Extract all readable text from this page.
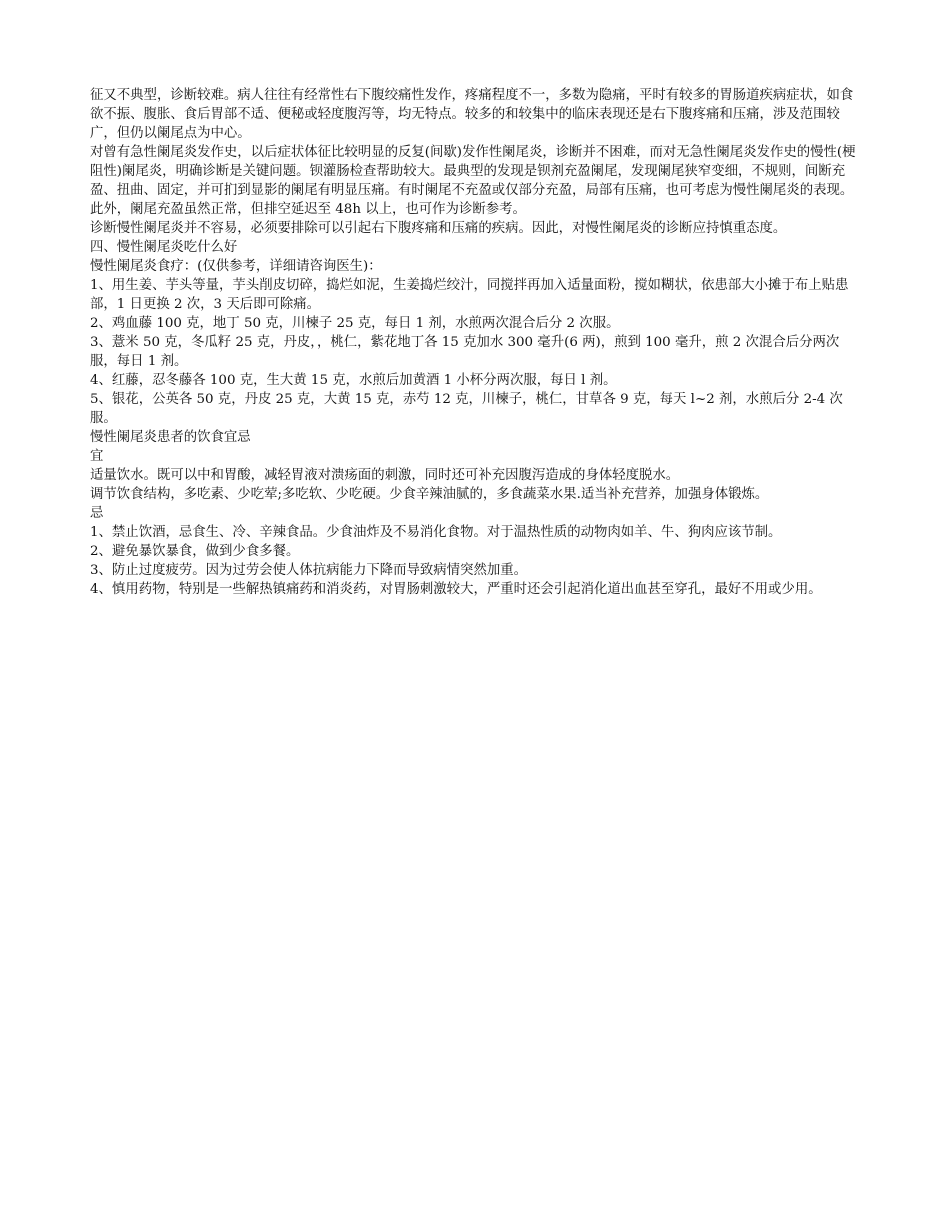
征又不典型，诊断较难。病人往往有经常性右下腹绞痛性发作，疼痛程度不一，多数为隐痛，平时有较多的胃肠道疾病症状，如食欲不振、腹胀、食后胃部不适、便秘或轻度腹泻等，均无特点。较多的和较集中的临床表现还是右下腹疼痛和压痛，涉及范围较广，但仍以阑尾点为中心。

对曾有急性阑尾炎发作史，以后症状体征比较明显的反复(间歇)发作性阑尾炎，诊断并不困难，而对无急性阑尾炎发作史的慢性(梗阻性)阑尾炎，明确诊断是关键问题。钡灌肠检查帮助较大。最典型的发现是钡剂充盈阑尾，发现阑尾狭窄变细，不规则，间断充盈、扭曲、固定，并可扪到显影的阑尾有明显压痛。有时阑尾不充盈或仅部分充盈，局部有压痛，也可考虑为慢性阑尾炎的表现。此外，阑尾充盈虽然正常，但排空延迟至 48h 以上，也可作为诊断参考。

诊断慢性阑尾炎并不容易，必须要排除可以引起右下腹疼痛和压痛的疾病。因此，对慢性阑尾炎的诊断应持慎重态度。

四、慢性阑尾炎吃什么好

慢性阑尾炎食疗：(仅供参考，详细请咨询医生)：

1、用生姜、芋头等量，芋头削皮切碎，捣烂如泥，生姜捣烂绞汁，同搅拌再加入适量面粉，搅如糊状，依患部大小摊于布上贴患部，1 日更换 2 次，3 天后即可除痛。

2、鸡血藤 100 克，地丁 50 克，川楝子 25 克，每日 1 剂，水煎两次混合后分 2 次服。

3、薏米 50 克，冬瓜籽 25 克，丹皮，，桃仁，紫花地丁各 15 克加水 300 毫升(6 两)，煎到 100 毫升，煎 2 次混合后分两次服，每日 1 剂。

4、红藤，忍冬藤各 100 克，生大黄 15 克，水煎后加黄酒 1 小杯分两次服，每日 l 剂。

5、银花，公英各 50 克，丹皮 25 克，大黄 15 克，赤芍 12 克，川楝子，桃仁，甘草各 9 克，每天 l~2 剂，水煎后分 2-4 次服。

慢性阑尾炎患者的饮食宜忌

宜

适量饮水。既可以中和胃酸，减轻胃液对溃疡面的刺激，同时还可补充因腹泻造成的身体轻度脱水。

调节饮食结构，多吃素、少吃荤;多吃软、少吃硬。少食辛辣油腻的，多食蔬菜水果.适当补充营养，加强身体锻炼。

忌

1、禁止饮酒，忌食生、冷、辛辣食品。少食油炸及不易消化食物。对于温热性质的动物肉如羊、牛、狗肉应该节制。

2、避免暴饮暴食，做到少食多餐。

3、防止过度疲劳。因为过劳会使人体抗病能力下降而导致病情突然加重。

4、慎用药物，特别是一些解热镇痛药和消炎药，对胃肠刺激较大，严重时还会引起消化道出血甚至穿孔，最好不用或少用。
